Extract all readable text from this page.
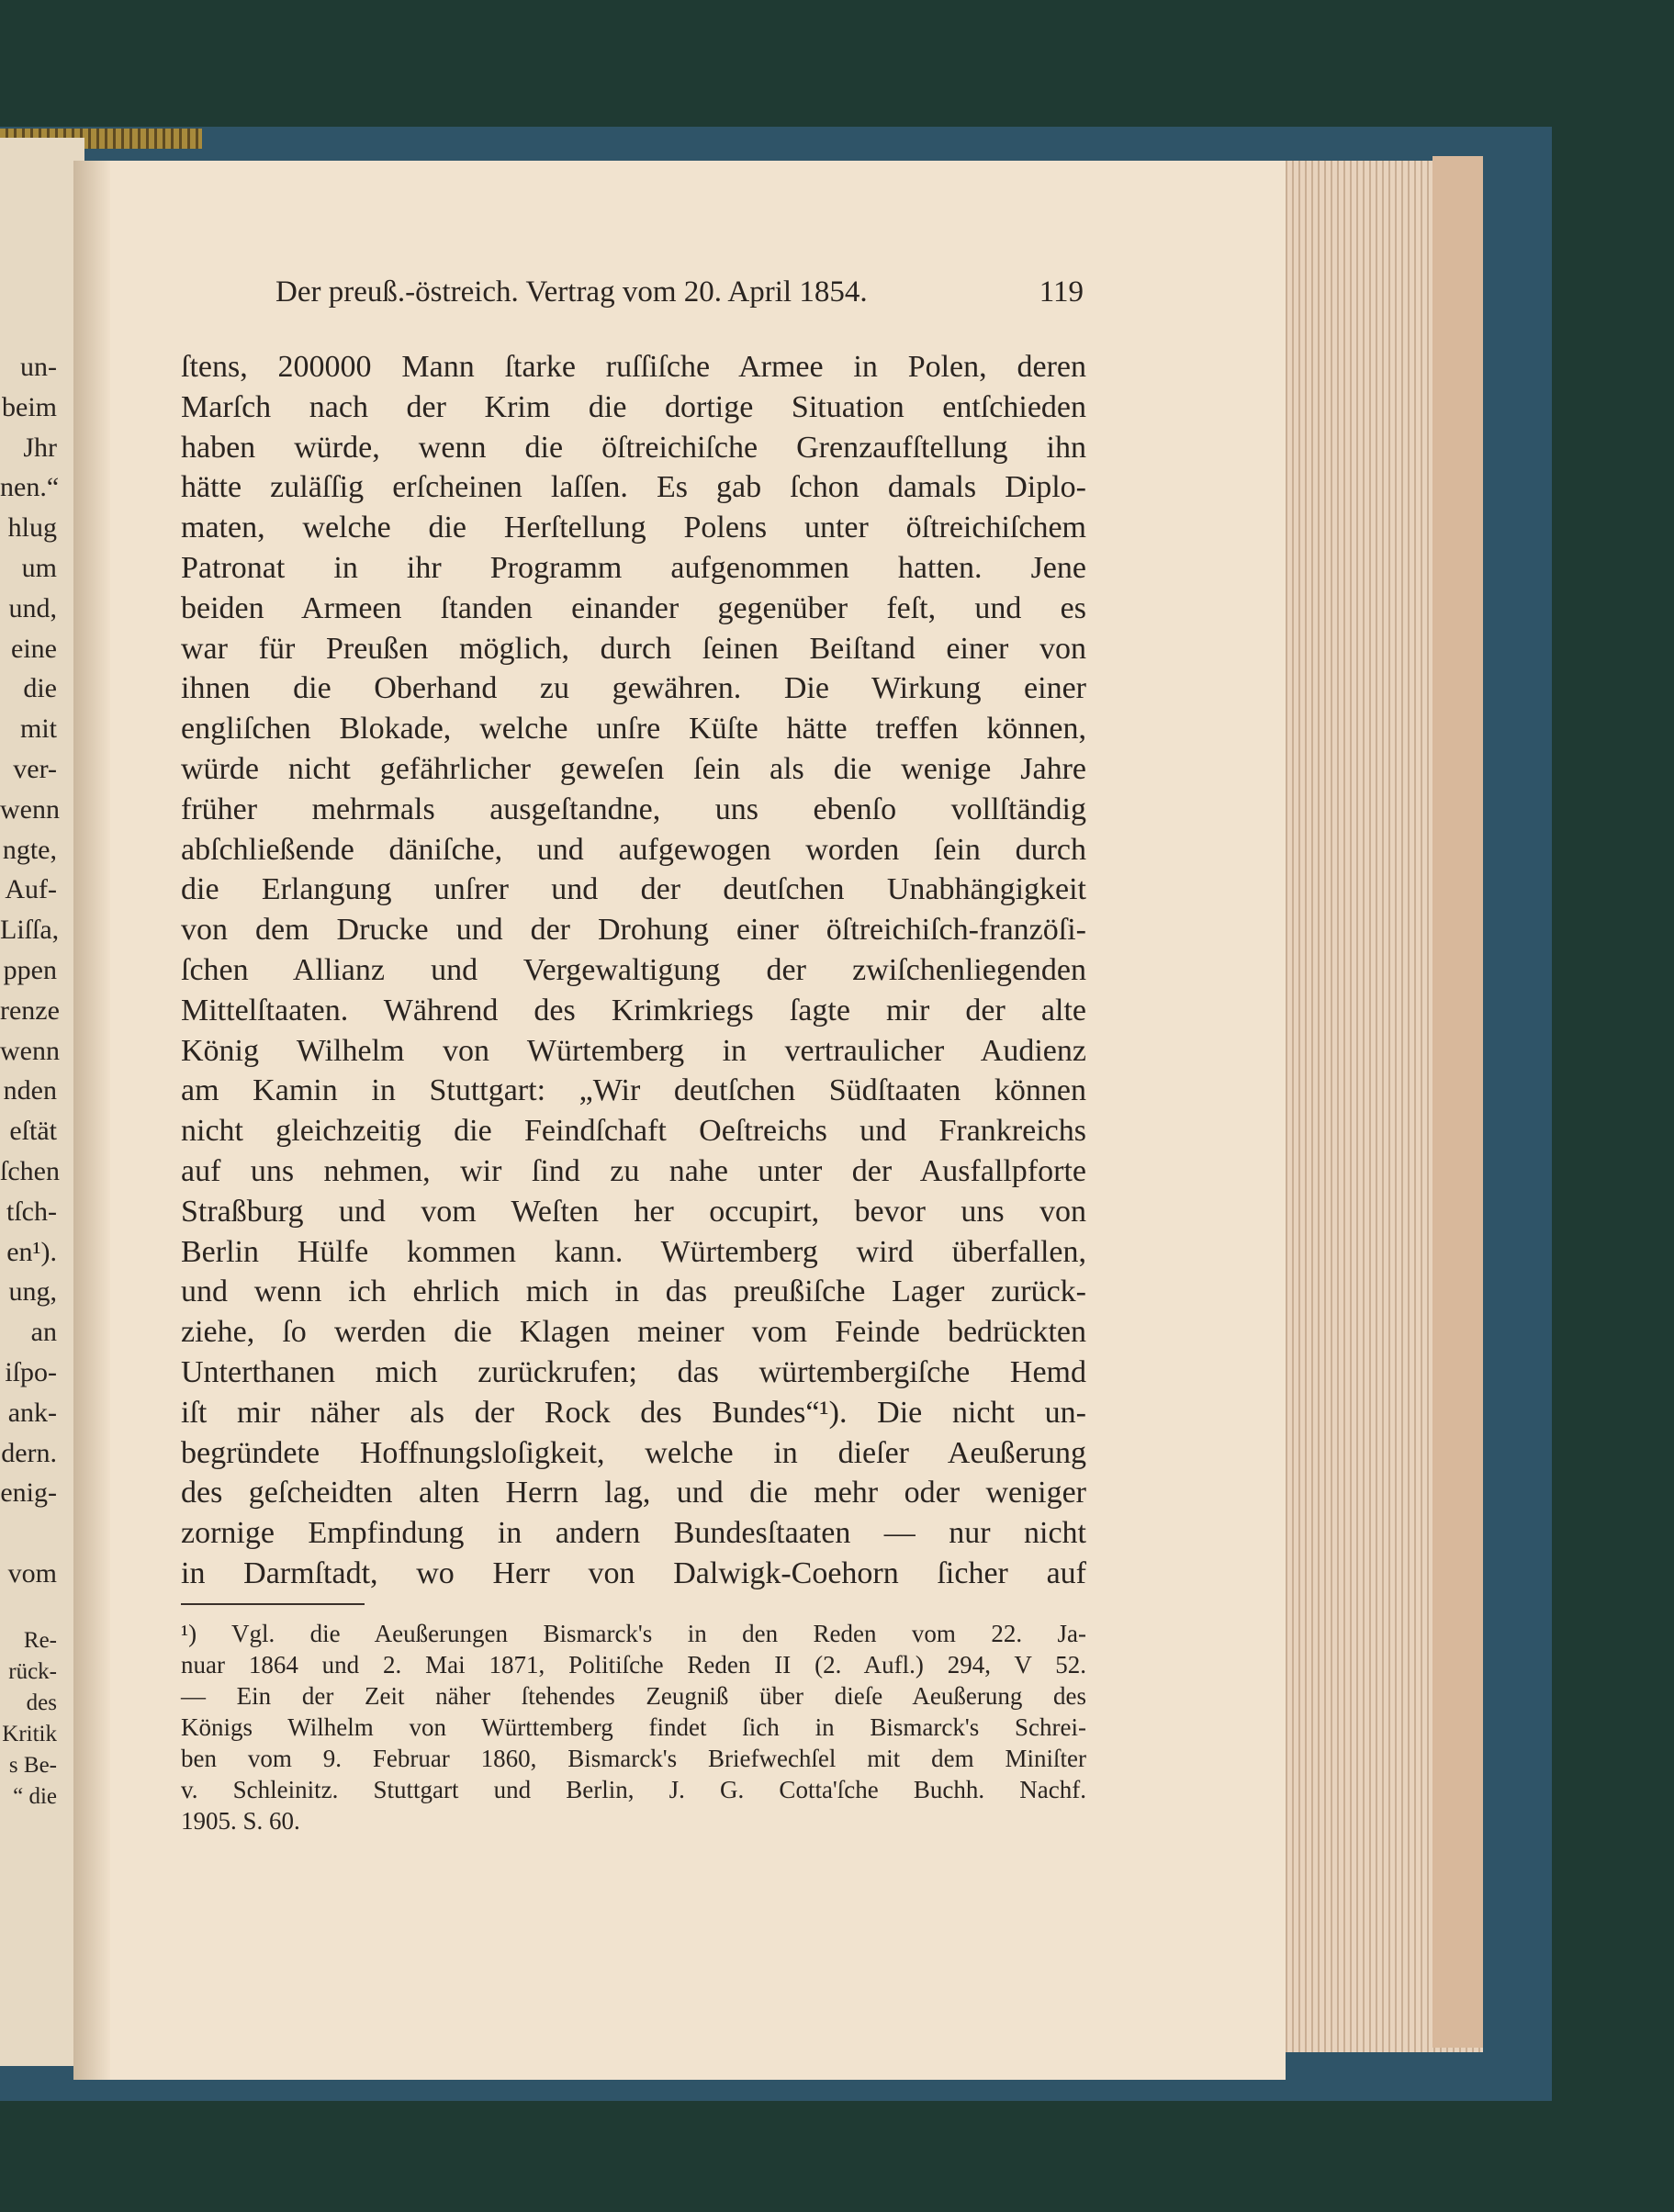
un-
beim
Jhr
nen.“
hlug
um
und,
eine
die
mit
ver-
wenn
ngte,
Auf-
Liſſa,
ppen
renze
wenn
nden
eſtät
ſchen
tſch-
en¹).
ung,
an
iſpo-
ank-
dern.
enig-
vom
Re-
rück-
des
Kritik
s Be-
“ die
Der preuß.-östreich. Vertrag vom 20. April 1854.	119
ſtens, 200000 Mann ſtarke ruſſiſche Armee in Polen, deren
Marſch nach der Krim die dortige Situation entſchieden
haben würde, wenn die öſtreichiſche Grenzaufſtellung ihn
hätte zuläſſig erſcheinen laſſen. Es gab ſchon damals Diplo-
maten, welche die Herſtellung Polens unter öſtreichiſchem
Patronat in ihr Programm aufgenommen hatten. Jene
beiden Armeen ſtanden einander gegenüber feſt, und es
war für Preußen möglich, durch ſeinen Beiſtand einer von
ihnen die Oberhand zu gewähren. Die Wirkung einer
engliſchen Blokade, welche unſre Küſte hätte treffen können,
würde nicht gefährlicher geweſen ſein als die wenige Jahre
früher mehrmals ausgeſtandne, uns ebenſo vollſtändig
abſchließende däniſche, und aufgewogen worden ſein durch
die Erlangung unſrer und der deutſchen Unabhängigkeit
von dem Drucke und der Drohung einer öſtreichiſch-franzöſi-
ſchen Allianz und Vergewaltigung der zwiſchenliegenden
Mittelſtaaten. Während des Krimkriegs ſagte mir der alte
König Wilhelm von Würtemberg in vertraulicher Audienz
am Kamin in Stuttgart: „Wir deutſchen Südſtaaten können
nicht gleichzeitig die Feindſchaft Oeſtreichs und Frankreichs
auf uns nehmen, wir ſind zu nahe unter der Ausfallpforte
Straßburg und vom Weſten her occupirt, bevor uns von
Berlin Hülfe kommen kann. Würtemberg wird überfallen,
und wenn ich ehrlich mich in das preußiſche Lager zurück-
ziehe, ſo werden die Klagen meiner vom Feinde bedrückten
Unterthanen mich zurückrufen; das würtembergiſche Hemd
iſt mir näher als der Rock des Bundes“¹). Die nicht un-
begründete Hoffnungsloſigkeit, welche in dieſer Aeußerung
des geſcheidten alten Herrn lag, und die mehr oder weniger
zornige Empfindung in andern Bundesſtaaten — nur nicht
in Darmſtadt, wo Herr von Dalwigk-Coehorn ſicher auf
¹) Vgl. die Aeußerungen Bismarck's in den Reden vom 22. Ja-
nuar 1864 und 2. Mai 1871, Politiſche Reden II (2. Aufl.) 294, V 52.
— Ein der Zeit näher ſtehendes Zeugniß über dieſe Aeußerung des
Königs Wilhelm von Württemberg findet ſich in Bismarck's Schrei-
ben vom 9. Februar 1860, Bismarck's Briefwechſel mit dem Miniſter
v. Schleinitz. Stuttgart und Berlin, J. G. Cotta'ſche Buchh. Nachf.
1905. S. 60.
